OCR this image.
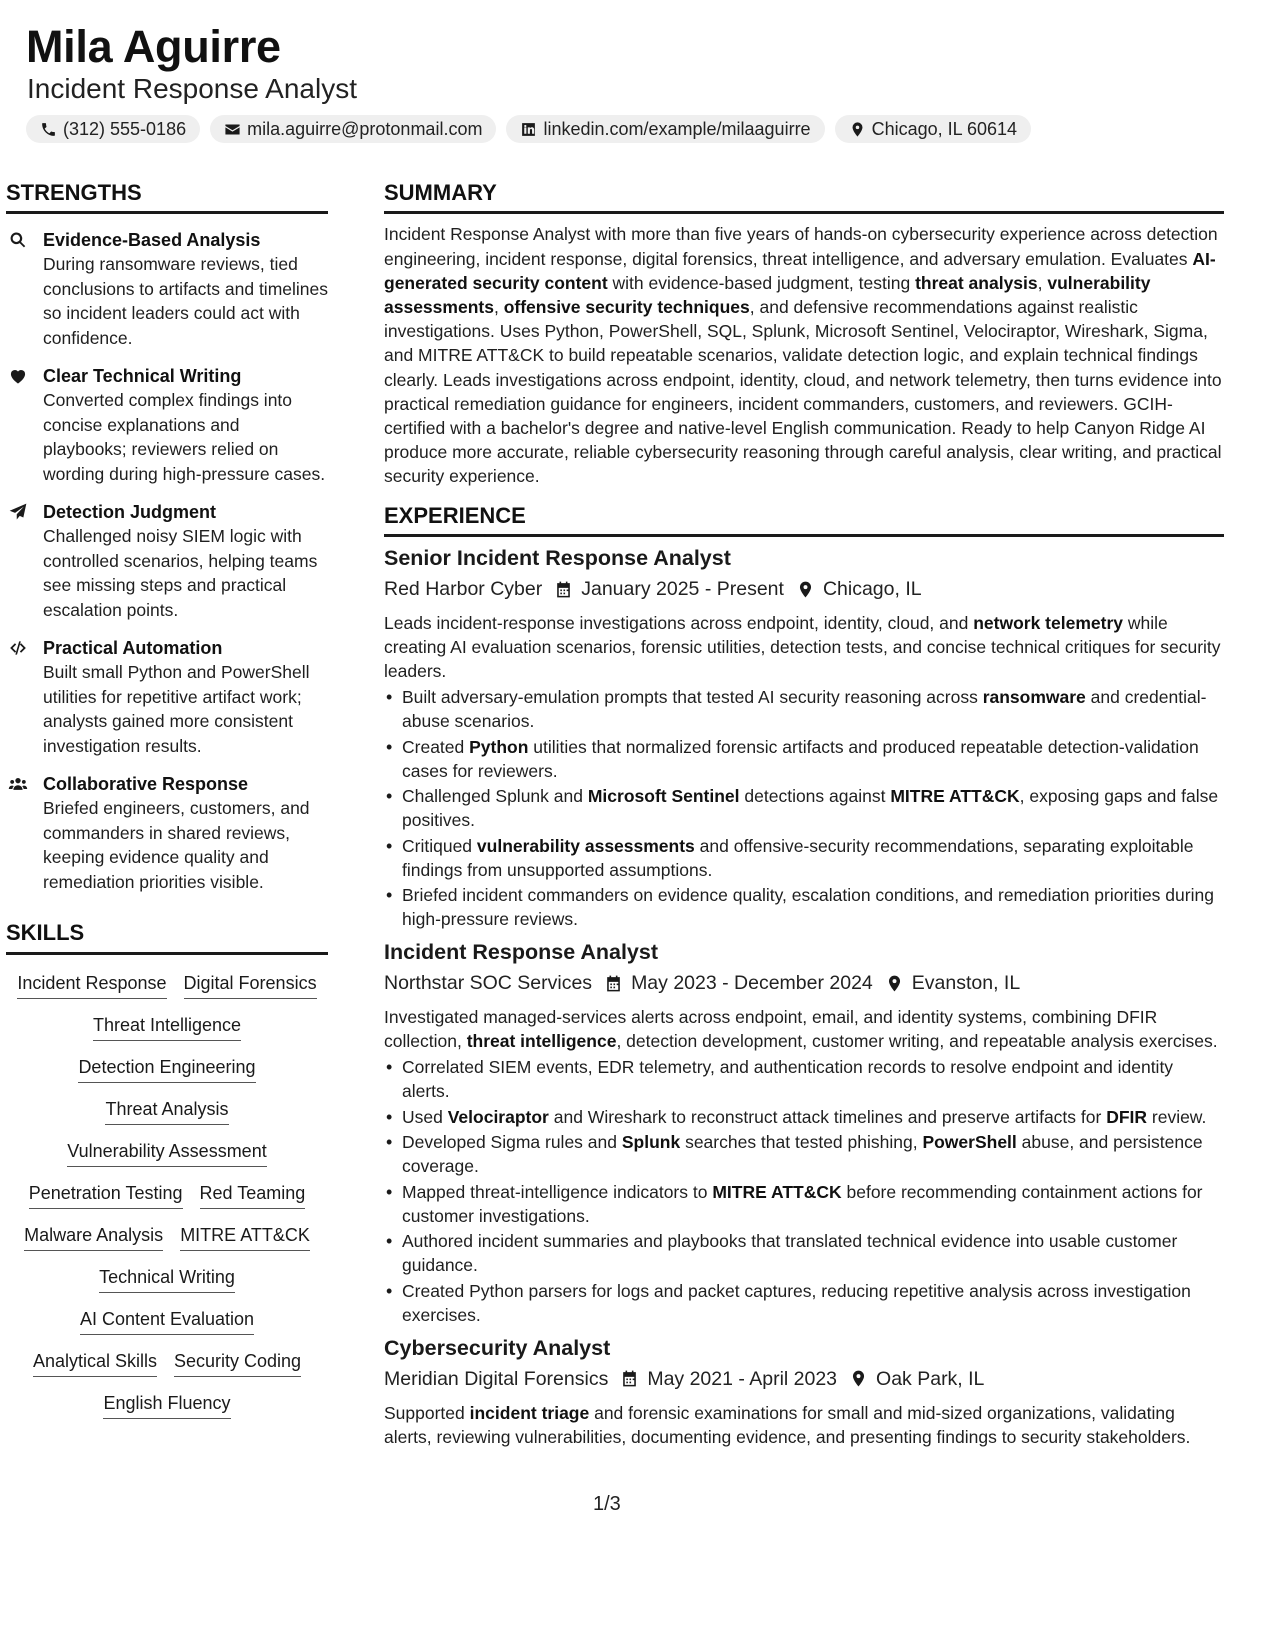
Mila Aguirre
Incident Response Analyst
(312) 555-0186	mila.aguirre@protonmail.com	linkedin.com/example/milaaguirre	Chicago, IL 60614
STRENGTHS
Evidence-Based Analysis
During ransomware reviews, tied conclusions to artifacts and timelines so incident leaders could act with confidence.
Clear Technical Writing
Converted complex findings into concise explanations and playbooks; reviewers relied on wording during high-pressure cases.
Detection Judgment
Challenged noisy SIEM logic with controlled scenarios, helping teams see missing steps and practical escalation points.
Practical Automation
Built small Python and PowerShell utilities for repetitive artifact work; analysts gained more consistent investigation results.
Collaborative Response
Briefed engineers, customers, and commanders in shared reviews, keeping evidence quality and remediation priorities visible.
SKILLS
Incident Response Digital Forensics
Threat Intelligence
Detection Engineering
Threat Analysis
Vulnerability Assessment
Penetration Testing Red Teaming
Malware Analysis MITRE ATT&CK
Technical Writing
AI Content Evaluation
Analytical Skills Security Coding
English Fluency
SUMMARY
Incident Response Analyst with more than five years of hands-on cybersecurity experience across detection engineering, incident response, digital forensics, threat intelligence, and adversary emulation. Evaluates AI-generated security content with evidence-based judgment, testing threat analysis, vulnerability assessments, offensive security techniques, and defensive recommendations against realistic investigations. Uses Python, PowerShell, SQL, Splunk, Microsoft Sentinel, Velociraptor, Wireshark, Sigma, and MITRE ATT&CK to build repeatable scenarios, validate detection logic, and explain technical findings clearly. Leads investigations across endpoint, identity, cloud, and network telemetry, then turns evidence into practical remediation guidance for engineers, incident commanders, customers, and reviewers. GCIH-certified with a bachelor's degree and native-level English communication. Ready to help Canyon Ridge AI produce more accurate, reliable cybersecurity reasoning through careful analysis, clear writing, and practical security experience.
EXPERIENCE
Senior Incident Response Analyst
Red Harbor Cyber January 2025 - Present Chicago, IL
Leads incident-response investigations across endpoint, identity, cloud, and network telemetry while creating AI evaluation scenarios, forensic utilities, detection tests, and concise technical critiques for security leaders.
• Built adversary-emulation prompts that tested AI security reasoning across ransomware and credential-abuse scenarios.
• Created Python utilities that normalized forensic artifacts and produced repeatable detection-validation cases for reviewers.
• Challenged Splunk and Microsoft Sentinel detections against MITRE ATT&CK, exposing gaps and false positives.
• Critiqued vulnerability assessments and offensive-security recommendations, separating exploitable findings from unsupported assumptions.
• Briefed incident commanders on evidence quality, escalation conditions, and remediation priorities during high-pressure reviews.
Incident Response Analyst
Northstar SOC Services May 2023 - December 2024 Evanston, IL
Investigated managed-services alerts across endpoint, email, and identity systems, combining DFIR collection, threat intelligence, detection development, customer writing, and repeatable analysis exercises.
• Correlated SIEM events, EDR telemetry, and authentication records to resolve endpoint and identity alerts.
• Used Velociraptor and Wireshark to reconstruct attack timelines and preserve artifacts for DFIR review.
• Developed Sigma rules and Splunk searches that tested phishing, PowerShell abuse, and persistence coverage.
• Mapped threat-intelligence indicators to MITRE ATT&CK before recommending containment actions for customer investigations.
• Authored incident summaries and playbooks that translated technical evidence into usable customer guidance.
• Created Python parsers for logs and packet captures, reducing repetitive analysis across investigation exercises.
Cybersecurity Analyst
Meridian Digital Forensics May 2021 - April 2023 Oak Park, IL
Supported incident triage and forensic examinations for small and mid-sized organizations, validating alerts, reviewing vulnerabilities, documenting evidence, and presenting findings to security stakeholders.
1/3
